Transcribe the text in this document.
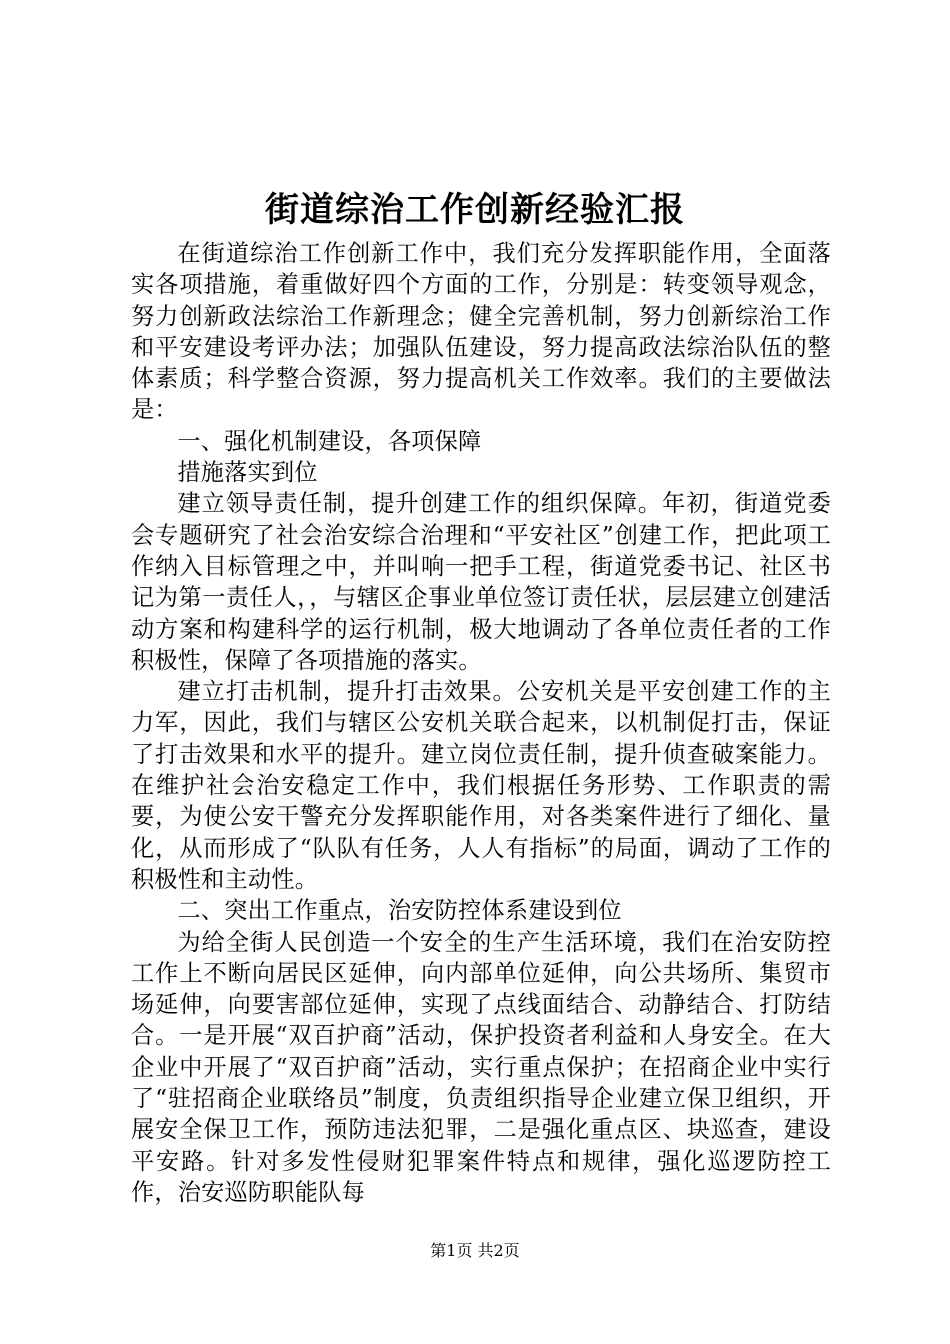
街道综治工作创新经验汇报

在街道综治工作创新工作中，我们充分发挥职能作用，全面落实各项措施，着重做好四个方面的工作，分别是：转变领导观念，努力创新政法综治工作新理念；健全完善机制，努力创新综治工作和平安建设考评办法；加强队伍建设，努力提高政法综治队伍的整体素质；科学整合资源，努力提高机关工作效率。我们的主要做法是：

一、强化机制建设，各项保障

措施落实到位

建立领导责任制，提升创建工作的组织保障。年初，街道党委会专题研究了社会治安综合治理和“平安社区”创建工作，把此项工作纳入目标管理之中，并叫响一把手工程，街道党委书记、社区书记为第一责任人，，与辖区企事业单位签订责任状，层层建立创建活动方案和构建科学的运行机制，极大地调动了各单位责任者的工作积极性，保障了各项措施的落实。

建立打击机制，提升打击效果。公安机关是平安创建工作的主力军，因此，我们与辖区公安机关联合起来，以机制促打击，保证了打击效果和水平的提升。建立岗位责任制，提升侦查破案能力。在维护社会治安稳定工作中，我们根据任务形势、工作职责的需要，为使公安干警充分发挥职能作用，对各类案件进行了细化、量化，从而形成了“队队有任务，人人有指标”的局面，调动了工作的积极性和主动性。

二、突出工作重点，治安防控体系建设到位

为给全街人民创造一个安全的生产生活环境，我们在治安防控工作上不断向居民区延伸，向内部单位延伸，向公共场所、集贸市场延伸，向要害部位延伸，实现了点线面结合、动静结合、打防结合。一是开展“双百护商”活动，保护投资者利益和人身安全。在大企业中开展了“双百护商”活动，实行重点保护；在招商企业中实行了“驻招商企业联络员”制度，负责组织指导企业建立保卫组织，开展安全保卫工作，预防违法犯罪，二是强化重点区、块巡查，建设平安路。针对多发性侵财犯罪案件特点和规律，强化巡逻防控工作，治安巡防职能队每

第1页 共2页
